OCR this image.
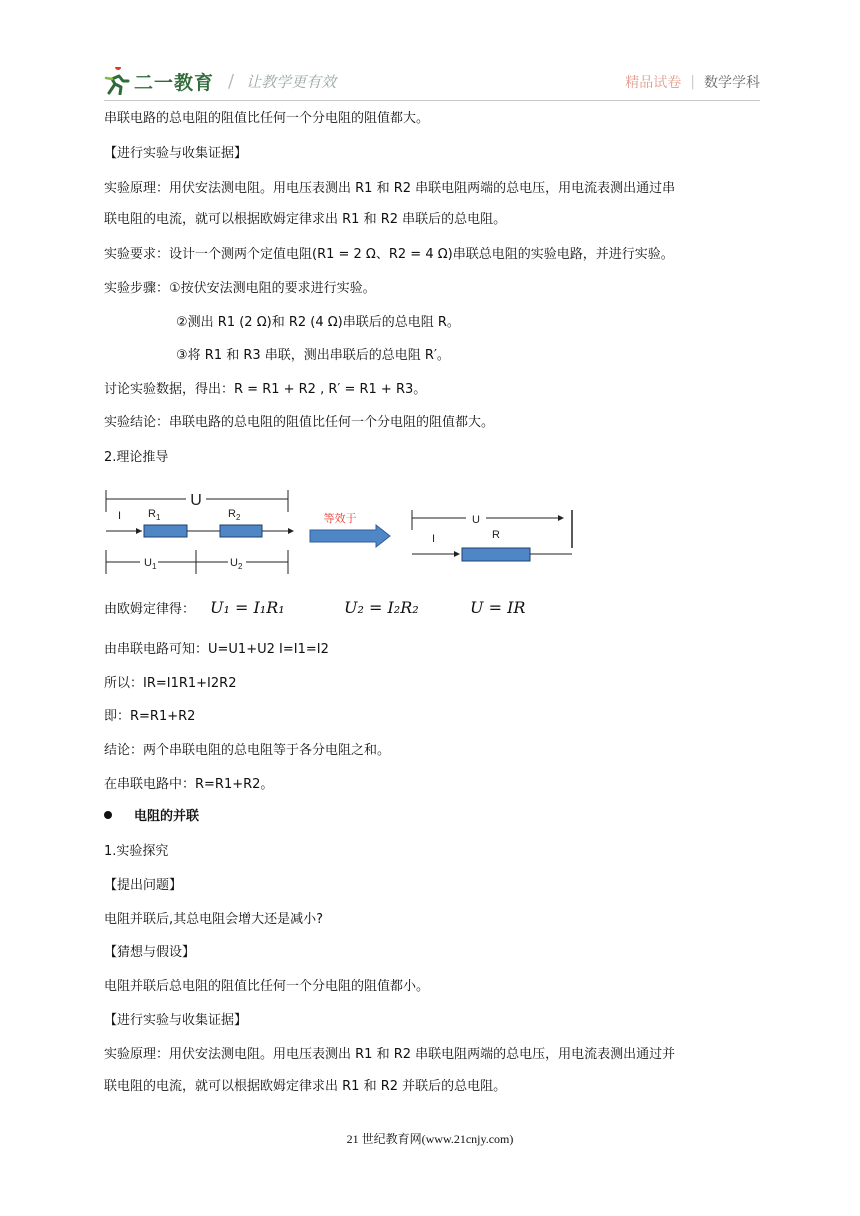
二一教育 / 让教学更有效	精品试卷 | 数学学科
串联电路的总电阻的阻值比任何一个分电阻的阻值都大。
【进行实验与收集证据】
实验原理：用伏安法测电阻。用电压表测出 R1 和 R2 串联电阻两端的总电压，用电流表测出通过串
联电阻的电流，就可以根据欧姆定律求出 R1 和 R2 串联后的总电阻。
实验要求：设计一个测两个定值电阻(R1 = 2 Ω、R2 = 4 Ω)串联总电阻的实验电路，并进行实验。
实验步骤：①按伏安法测电阻的要求进行实验。
②测出 R1 (2 Ω)和 R2 (4 Ω)串联后的总电阻 R。
③将 R1 和 R3 串联，测出串联后的总电阻 R′。
讨论实验数据，得出：R = R1 + R2 , R′ = R1 + R3。
实验结论：串联电路的总电阻的阻值比任何一个分电阻的阻值都大。
2.理论推导
U
I $R_1$	$R_2$
$U_1$	$U_2$
等效于	U
I	R
由欧姆定律得： U₁ = I₁R₁	U₂ = I₂R₂	U = IR
由串联电路可知：U=U1+U2 I=I1=I2
所以：IR=I1R1+I2R2
即：R=R1+R2
结论：两个串联电阻的总电阻等于各分电阻之和。
在串联电路中：R=R1+R2。
电阻的并联
1.实验探究
【提出问题】
电阻并联后,其总电阻会增大还是减小?
【猜想与假设】
电阻并联后总电阻的阻值比任何一个分电阻的阻值都小。
【进行实验与收集证据】
实验原理：用伏安法测电阻。用电压表测出 R1 和 R2 串联电阻两端的总电压，用电流表测出通过并
联电阻的电流，就可以根据欧姆定律求出 R1 和 R2 并联后的总电阻。
21 世纪教育网(www.21cnjy.com)
